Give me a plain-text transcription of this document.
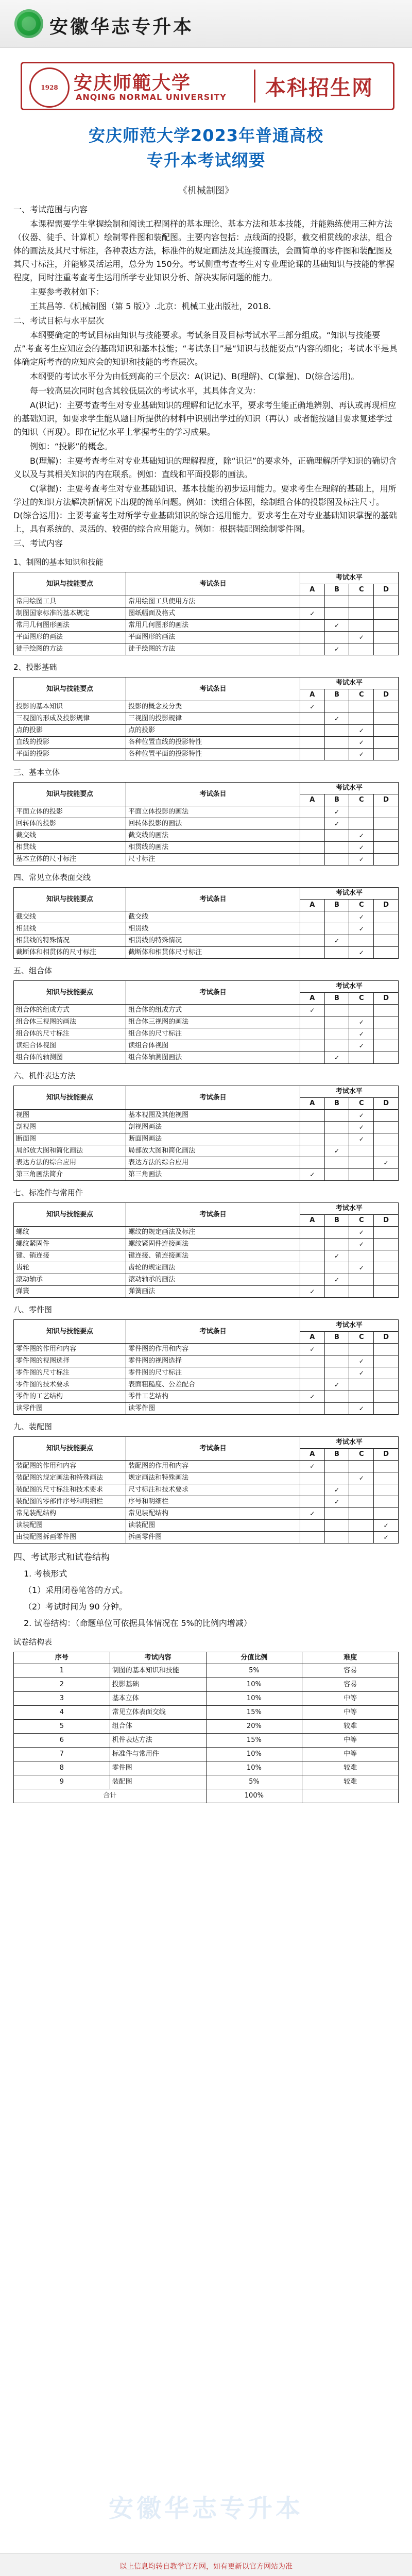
安徽华志专升本
1928 安庆师範大学
ANQING NORMAL UNIVERSITY 本科招生网
安庆师范大学2023年普通高校
专升本考试纲要
《机械制图》
一、考试范围与内容
本课程需要学生掌握绘制和阅读工程图样的基本理论、基本方法和基本技能，并能熟练使用三种方法（仪器、徒手、计算机）绘制零件图和装配图。主要内容包括：点线面的投影，截交相贯线的求法，组合体的画法及其尺寸标注，各种表达方法，标准件的规定画法及其连接画法，会画简单的零件图和装配图及其尺寸标注，并能够灵活运用，总分为 150分。考试侧重考查考生对专业理论课的基础知识与技能的掌握程度，同时注重考查考生运用所学专业知识分析、解决实际问题的能力。
主要参考教材如下：
王其昌等.《机械制图（第 5 版）》.北京：机械工业出版社，2018.
二、考试目标与水平层次
本纲要确定的考试目标由知识与技能要求。考试条目及目标考试水平三部分组成。“知识与技能要点”考查考生应知应会的基础知识和基本技能；“考试条目”是“知识与技能要点”内容的细化；考试水平是具体确定所考查的应知应会的知识和技能的考查层次。
本纲要的考试水平分为由低到高的三个层次：A(识记)、B(理解)、C(掌握)、D(综合运用)。
每一较高层次同时包含其较低层次的考试水平，其具体含义为：
A(识记)：主要考查考生对专业基础知识的理解和记忆水平，要求考生能正确地辨别、再认或再现相应的基础知识，如要求学生能从题目所提供的材料中识别出学过的知识（再认）或者能按题目要求复述学过的知识（再现）。即在记忆水平上掌握考生的学习成果。
例如：“投影”的概念。
B(理解)：主要考查考生对专业基础知识的理解程度，除“识记”的要求外，正确理解所学知识的确切含义以及与其相关知识的内在联系。例如：直线和平面投影的画法。
C(掌握)：主要考查考生对专业基础知识、基本技能的初步运用能力。要求考生在理解的基础上，用所学过的知识方法解决新情况下出现的简单问题。例如：读组合体图，绘制组合体的投影图及标注尺寸。D(综合运用)：主要考查考生对所学专业基础知识的综合运用能力。要求考生在对专业基础知识掌握的基础上，具有系统的、灵活的、较强的综合应用能力。例如：根据装配图绘制零件图。
三、考试内容
1、制图的基本知识和技能
知识与技能要点	考试条目	考试水平			
		A	B	C	D
常用绘图工具	常用绘图工具使用方法				
制图国家标准的基本规定	图纸幅面及格式	✓			
常用几何图形画法	常用几何图形的画法		✓		
平面图形的画法	平面图形的画法			✓	
徒手绘图的方法	徒手绘图的方法		✓		
2、投影基础
知识与技能要点	考试条目	考试水平			
		A	B	C	D
投影的基本知识	投影的概念及分类	✓			
三视图的形成及投影规律	三视图的投影规律		✓		
点的投影	点的投影			✓	
直线的投影	各种位置直线的投影特性			✓	
平面的投影	各种位置平面的投影特性			✓	
三、基本立体
知识与技能要点	考试条目	考试水平			
		A	B	C	D
平面立体的投影	平面立体投影的画法		✓		
回转体的投影	回转体投影的画法		✓		
截交线	截交线的画法			✓	
相贯线	相贯线的画法			✓	
基本立体的尺寸标注	尺寸标注			✓	
四、常见立体表面交线
知识与技能要点	考试条目	考试水平			
		A	B	C	D
截交线	截交线			✓	
相贯线	相贯线			✓	
相贯线的特殊情况	相贯线的特殊情况		✓		
截断体和相贯体的尺寸标注	截断体和相贯体尺寸标注			✓	
五、组合体
知识与技能要点	考试条目	考试水平			
		A	B	C	D
组合体的组成方式	组合体的组成方式	✓			
组合体三视图的画法	组合体三视图的画法			✓	
组合体的尺寸标注	组合体的尺寸标注			✓	
读组合体视图	读组合体视图			✓	
组合体的轴测图	组合体轴测图画法		✓		
六、机件表达方法
知识与技能要点	考试条目	考试水平			
		A	B	C	D
视图	基本视图及其他视图			✓	
剖视图	剖视图画法			✓	
断面图	断面图画法			✓	
局部放大图和简化画法	局部放大图和简化画法		✓		
表达方法的综合应用	表达方法的综合应用				✓
第三角画法简介	第三角画法	✓			
七、标准件与常用件
知识与技能要点	考试条目	考试水平			
		A	B	C	D
螺纹	螺纹的规定画法及标注			✓	
螺纹紧固件	螺纹紧固件连接画法			✓	
键、销连接	键连接、销连接画法		✓		
齿轮	齿轮的规定画法			✓	
滚动轴承	滚动轴承的画法		✓		
弹簧	弹簧画法	✓			
八、零件图
知识与技能要点	考试条目	考试水平			
		A	B	C	D
零件图的作用和内容	零件图的作用和内容	✓			
零件图的视图选择	零件图的视图选择			✓	
零件图的尺寸标注	零件图的尺寸标注			✓	
零件图的技术要求	表面粗糙度、公差配合		✓		
零件的工艺结构	零件工艺结构	✓			
读零件图	读零件图			✓	
九、装配图
知识与技能要点	考试条目	考试水平			
		A	B	C	D
装配图的作用和内容	装配图的作用和内容	✓			
装配图的规定画法和特殊画法	规定画法和特殊画法			✓	
装配图的尺寸标注和技术要求	尺寸标注和技术要求		✓		
装配图的零部件序号和明细栏	序号和明细栏		✓		
常见装配结构	常见装配结构	✓			
读装配图	读装配图				✓
由装配图拆画零件图	拆画零件图				✓
四、考试形式和试卷结构
1. 考核形式
（1）采用闭卷笔答的方式。
（2）考试时间为 90 分钟。
2. 试卷结构：（命题单位可依据具体情况在 5%的比例内增减）
试卷结构表
序号	考试内容	分值比例	难度
1	制图的基本知识和技能	5%	容易
2	投影基础	10%	容易
3	基本立体	10%	中等
4	常见立体表面交线	15%	中等
5	组合体	20%	较难
6	机件表达方法	15%	中等
7	标准件与常用件	10%	中等
8	零件图	10%	较难
9	装配图	5%	较难
合计		100%	
安徽华志专升本
以上信息均转自教学官方网，如有更新以官方网站为准
